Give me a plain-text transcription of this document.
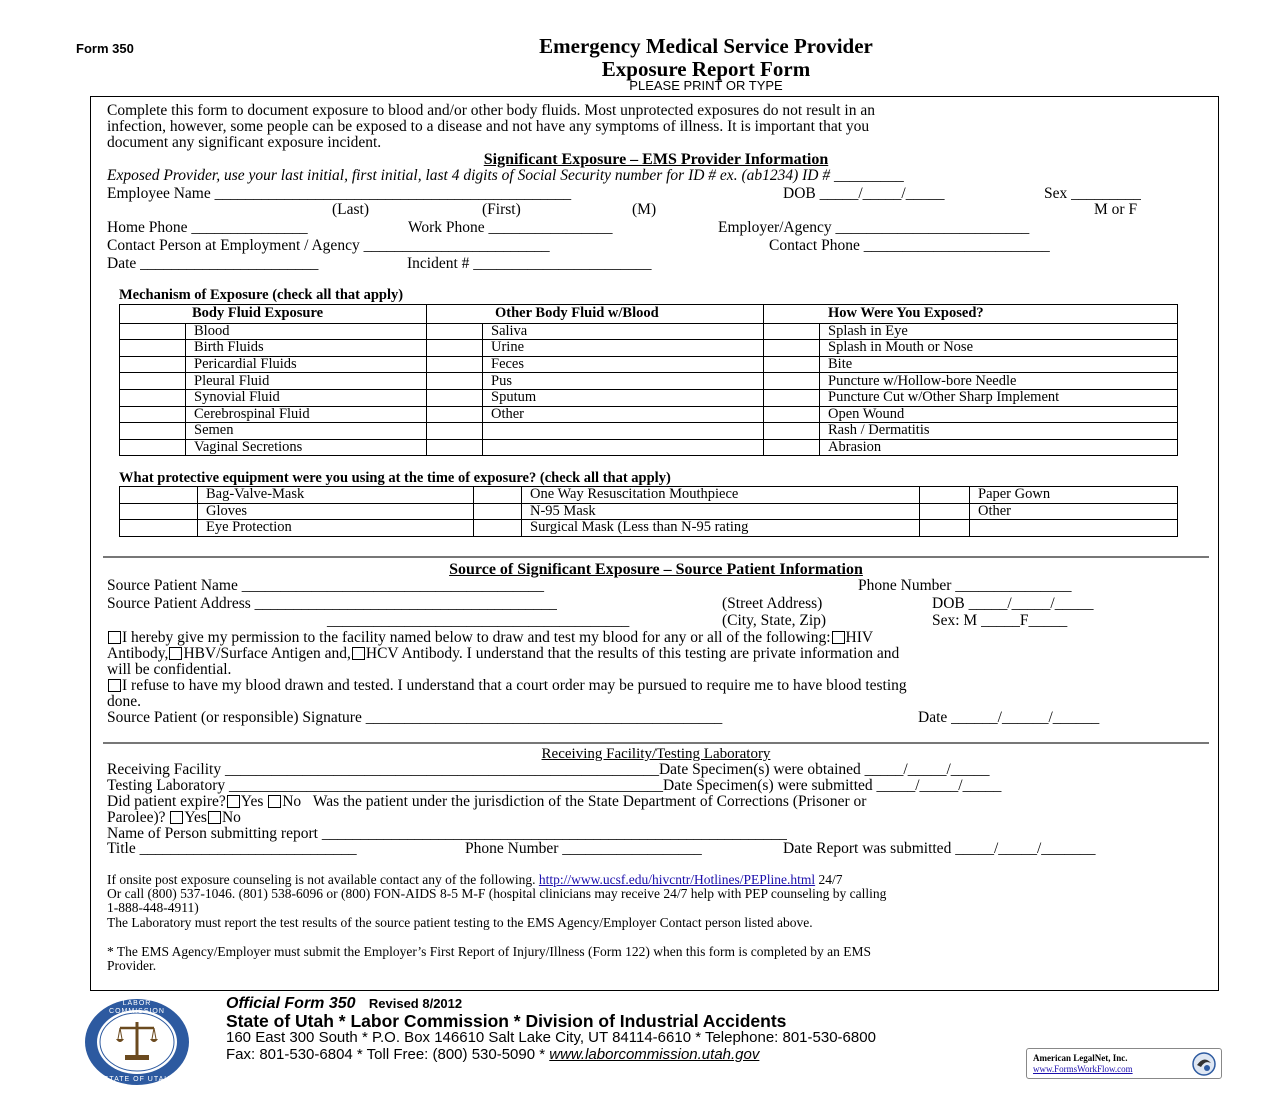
Form 350	Emergency Medical Service Provider
Exposure Report Form
PLEASE PRINT OR TYPE
Complete this form to document exposure to blood and/or other body fluids. Most unprotected exposures do not result in an
infection, however, some people can be exposed to a disease and not have any symptoms of illness. It is important that you
document any significant exposure incident.
Significant Exposure – EMS Provider Information
Exposed Provider, use your last initial, first initial, last 4 digits of Social Security number for ID # ex. (ab1234) ID # _________
Employee Name ______________________________________________	DOB _____/_____/_____	Sex _________
(Last)	(First)	(M)	M or F
Home Phone _______________	Work Phone ________________	Employer/Agency _________________________
Contact Person at Employment / Agency ________________________	Contact Phone ________________________
Date _______________________	Incident # _______________________
Mechanism of Exposure (check all that apply)
Body Fluid Exposure		Other Body Fluid w/Blood		How Were You Exposed?	
	Blood		Saliva		Splash in Eye
	Birth Fluids		Urine		Splash in Mouth or Nose
	Pericardial Fluids		Feces		Bite
	Pleural Fluid		Pus		Puncture w/Hollow-bore Needle
	Synovial Fluid		Sputum		Puncture Cut w/Other Sharp Implement
	Cerebrospinal Fluid		Other		Open Wound
	Semen				Rash / Dermatitis
	Vaginal Secretions				Abrasion
What protective equipment were you using at the time of exposure? (check all that apply)
	Bag-Valve-Mask		One Way Resuscitation Mouthpiece		Paper Gown
	Gloves		N-95 Mask		Other
	Eye Protection		Surgical Mask (Less than N-95 rating		
Source of Significant Exposure – Source Patient Information
Source Patient Name _______________________________________	Phone Number _______________
Source Patient Address _______________________________________	(Street Address)	DOB _____/_____/_____
_______________________________________	(City, State, Zip)	Sex: M _____F_____
I hereby give my permission to the facility named below to draw and test my blood for any or all of the following: HIV
Antibody, HBV/Surface Antigen and, HCV Antibody. I understand that the results of this testing are private information and
will be confidential.
I refuse to have my blood drawn and tested. I understand that a court order may be pursued to require me to have blood testing
done.
Source Patient (or responsible) Signature ______________________________________________	Date ______/______/______
Receiving Facility/Testing Laboratory
Receiving Facility ________________________________________________________Date Specimen(s) were obtained _____/_____/_____
Testing Laboratory ________________________________________________________Date Specimen(s) were submitted _____/_____/_____
Did patient expire? Yes No Was the patient under the jurisdiction of the State Department of Corrections (Prisoner or
Parolee)? Yes No
Name of Person submitting report ____________________________________________________________
Title ____________________________	Phone Number __________________	Date Report was submitted _____/_____/_______
If onsite post exposure counseling is not available contact any of the following. http://www.ucsf.edu/hivcntr/Hotlines/PEPline.html 24/7
Or call (800) 537-1046. (801) 538-6096 or (800) FON-AIDS 8-5 M-F (hospital clinicians may receive 24/7 help with PEP counseling by calling
1-888-448-4911)
The Laboratory must report the test results of the source patient testing to the EMS Agency/Employer Contact person listed above.
* The EMS Agency/Employer must submit the Employer’s First Report of Injury/Illness (Form 122) when this form is completed by an EMS
Provider.
LABOR COMMISSION
STATE OF UTAH
Official Form 350 Revised 8/2012
State of Utah * Labor Commission * Division of Industrial Accidents
160 East 300 South * P.O. Box 146610 Salt Lake City, UT 84114-6610 * Telephone: 801-530-6800
Fax: 801-530-6804 * Toll Free: (800) 530-5090 * www.laborcommission.utah.gov	American LegalNet, Inc.
www.FormsWorkFlow.com
